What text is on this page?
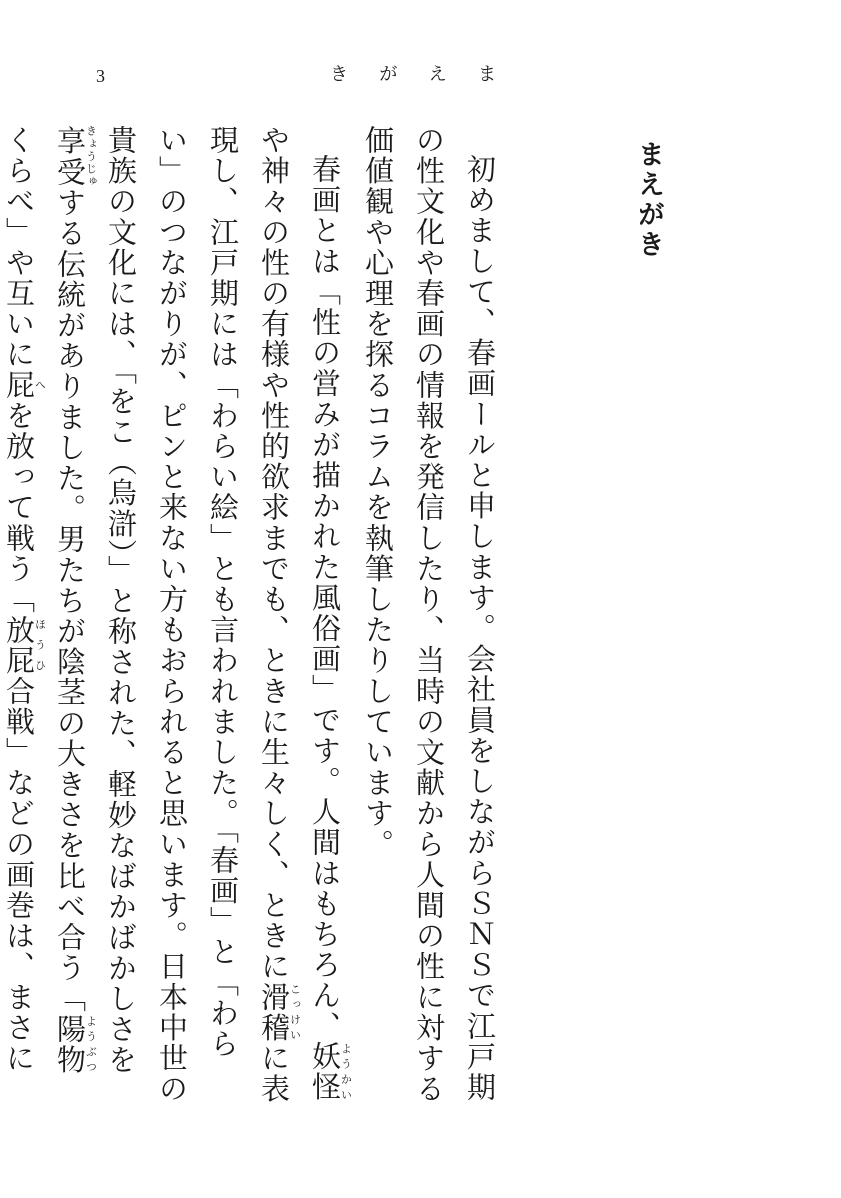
3	き が え ま
まえがき

初めまして、春画ールと申します。会社員をしながらＳＮＳで江戸期の性文化や春画の情報を発信したり、当時の文献から人間の性に対する価値観や心理を探るコラムを執筆したりしています。

春画とは「性の営みが描かれた風俗画」です。人間はもちろん、妖怪ようかいや神々の性の有様や性的欲求までも、ときに生々しく、ときに滑稽こっけいに表現し、江戸期には「わらい絵」とも言われました。「春画」と「わらい」のつながりが、ピンと来ない方もおられると思います。日本中世の貴族の文化には、「をこ（烏滸）」と称された、軽妙なばかばかしさを享受きょうじゅする伝統がありました。男たちが陰茎の大きさを比べ合う「陽物ようぶつくらべ」や互いに屁へを放って戦う「放屁ほうひ合戦」などの画巻は、まさに
